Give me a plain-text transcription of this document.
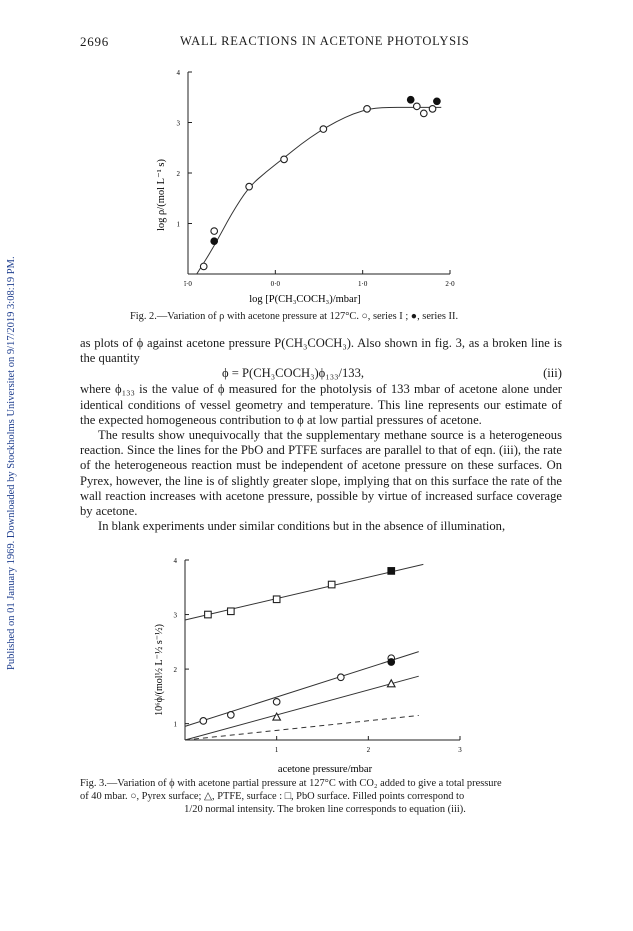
Published on 01 January 1969. Downloaded by Stockholms Universitet on 9/17/2019 3:08:19 PM.
2696	WALL REACTIONS IN ACETONE PHOTOLYSIS
1
2
3
4
ī·0	0·0	1·0	2·0
log ρ/(mol L⁻¹ s)
log [P(CH₃COCH₃)/mbar]
Fig. 2.—Variation of ρ with acetone pressure at 127°C. ○, series I ; ●, series II.

as plots of ϕ against acetone pressure P(CH₃COCH₃). Also shown in fig. 3, as a broken line is the quantity

ϕ = P(CH₃COCH₃)ϕ₁₃₃/133,	(iii)

where ϕ₁₃₃ is the value of ϕ measured for the photolysis of 133 mbar of acetone alone under identical conditions of vessel geometry and temperature. This line represents our estimate of the expected homogeneous contribution to ϕ at low partial pressures of acetone.

The results show unequivocally that the supplementary methane source is a heterogeneous reaction. Since the lines for the PbO and PTFE surfaces are parallel to that of eqn. (iii), the rate of the heterogeneous reaction must be independent of acetone pressure on these surfaces. On Pyrex, however, the line is of slightly greater slope, implying that on this surface the rate of the wall reaction increases with acetone pressure, possible by virtue of increased surface coverage by acetone.

In blank experiments under similar conditions but in the absence of illumination,

1
2
3
4
1	2	3
10⁶ϕ/(mol½ L⁻½ s⁻½)
acetone pressure/mbar
Fig. 3.—Variation of ϕ with acetone partial pressure at 127°C with CO₂ added to give a total pressure
of 40 mbar. ○, Pyrex surface; △, PTFE, surface : □, PbO surface. Filled points correspond to
1/20 normal intensity. The broken line corresponds to equation (iii).
